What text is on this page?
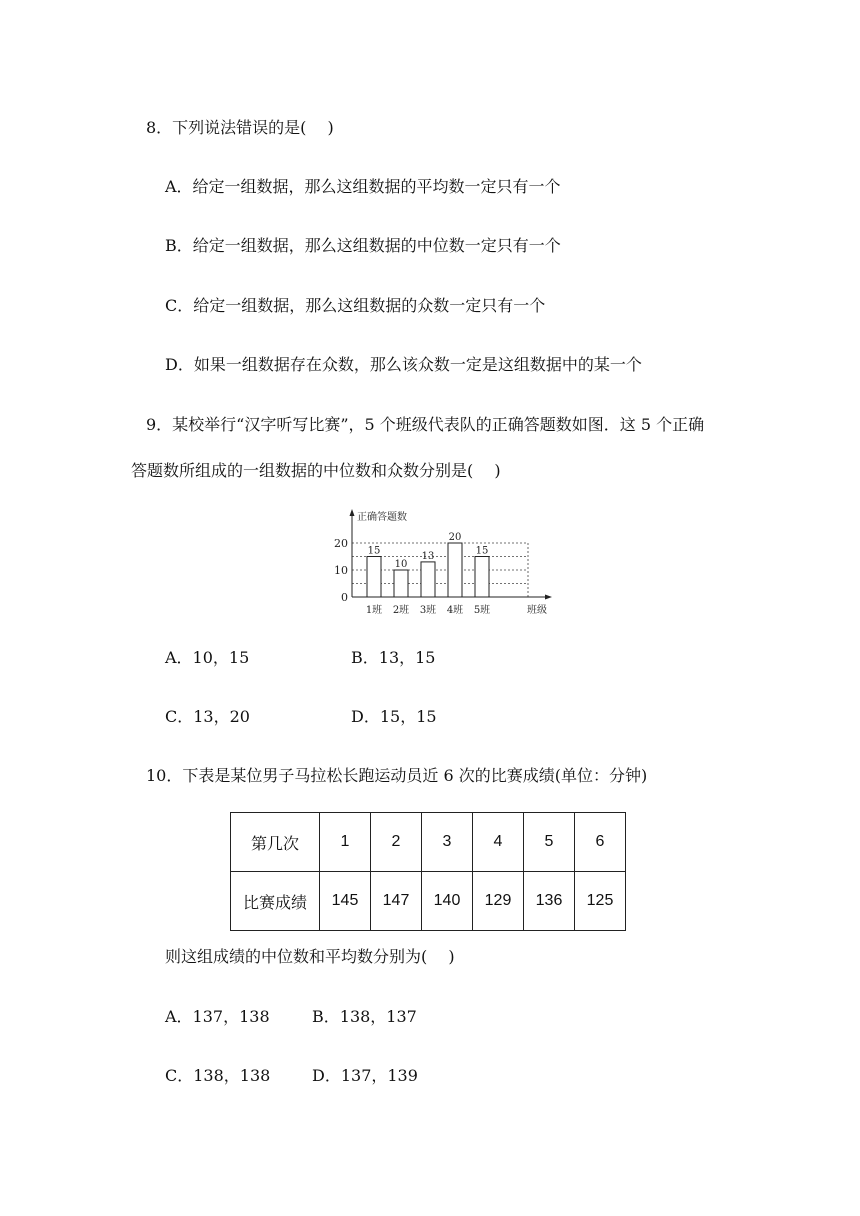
8．下列说法错误的是(　 )
A．给定一组数据，那么这组数据的平均数一定只有一个
B．给定一组数据，那么这组数据的中位数一定只有一个
C．给定一组数据，那么这组数据的众数一定只有一个
D．如果一组数据存在众数，那么该众数一定是这组数据中的某一个
9．某校举行“汉字听写比赛”，5 个班级代表队的正确答题数如图．这 5 个正确
答题数所组成的一组数据的中位数和众数分别是(　 )
正确答题数
班级
0
10
20
15
1班
10
2班
13
3班
20
4班
15
5班
A．10，15	B．13，15
C．13，20	D．15，15
10．下表是某位男子马拉松长跑运动员近 6 次的比赛成绩(单位：分钟)
第几次	1	2	3	4	5	6
比赛成绩	145	147	140	129	136	125
则这组成绩的中位数和平均数分别为(　 )
A．137，138	B．138，137
C．138，138	D．137，139
